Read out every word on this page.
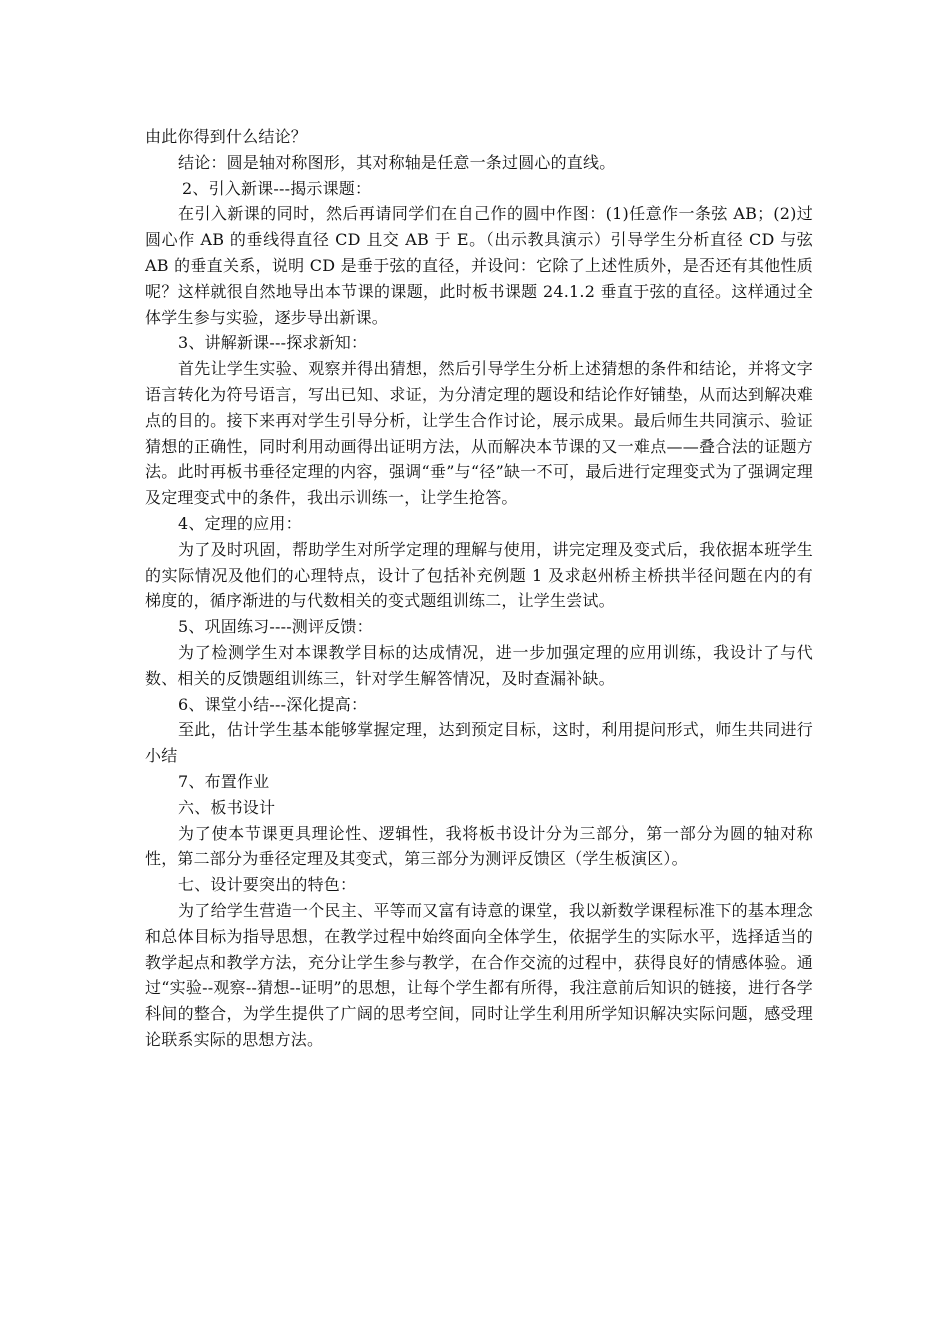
由此你得到什么结论？

结论：圆是轴对称图形，其对称轴是任意一条过圆心的直线。

2、引入新课---揭示课题：

在引入新课的同时，然后再请同学们在自己作的圆中作图：(1)任意作一条弦 AB；(2)过圆心作 AB 的垂线得直径 CD 且交 AB 于 E。（出示教具演示）引导学生分析直径 CD 与弦 AB 的垂直关系，说明 CD 是垂于弦的直径，并设问：它除了上述性质外，是否还有其他性质呢？这样就很自然地导出本节课的课题，此时板书课题 24.1.2 垂直于弦的直径。这样通过全体学生参与实验，逐步导出新课。

3、讲解新课---探求新知：

首先让学生实验、观察并得出猜想，然后引导学生分析上述猜想的条件和结论，并将文字语言转化为符号语言，写出已知、求证，为分清定理的题设和结论作好铺垫，从而达到解决难点的目的。接下来再对学生引导分析，让学生合作讨论，展示成果。最后师生共同演示、验证猜想的正确性，同时利用动画得出证明方法，从而解决本节课的又一难点——叠合法的证题方法。此时再板书垂径定理的内容，强调“垂”与“径”缺一不可，最后进行定理变式为了强调定理及定理变式中的条件，我出示训练一，让学生抢答。

4、定理的应用：

为了及时巩固，帮助学生对所学定理的理解与使用，讲完定理及变式后，我依据本班学生的实际情况及他们的心理特点，设计了包括补充例题 1 及求赵州桥主桥拱半径问题在内的有梯度的，循序渐进的与代数相关的变式题组训练二，让学生尝试。

5、巩固练习----测评反馈：

为了检测学生对本课教学目标的达成情况，进一步加强定理的应用训练，我设计了与代数、相关的反馈题组训练三，针对学生解答情况，及时查漏补缺。

6、课堂小结---深化提高：

至此，估计学生基本能够掌握定理，达到预定目标，这时，利用提问形式，师生共同进行小结

7、布置作业

六、板书设计

为了使本节课更具理论性、逻辑性，我将板书设计分为三部分，第一部分为圆的轴对称性，第二部分为垂径定理及其变式，第三部分为测评反馈区（学生板演区）。

七、设计要突出的特色：

为了给学生营造一个民主、平等而又富有诗意的课堂，我以新数学课程标准下的基本理念和总体目标为指导思想，在教学过程中始终面向全体学生，依据学生的实际水平，选择适当的教学起点和教学方法，充分让学生参与教学，在合作交流的过程中，获得良好的情感体验。通过“实验--观察--猜想--证明”的思想，让每个学生都有所得，我注意前后知识的链接，进行各学科间的整合，为学生提供了广阔的思考空间，同时让学生利用所学知识解决实际问题，感受理论联系实际的思想方法。
